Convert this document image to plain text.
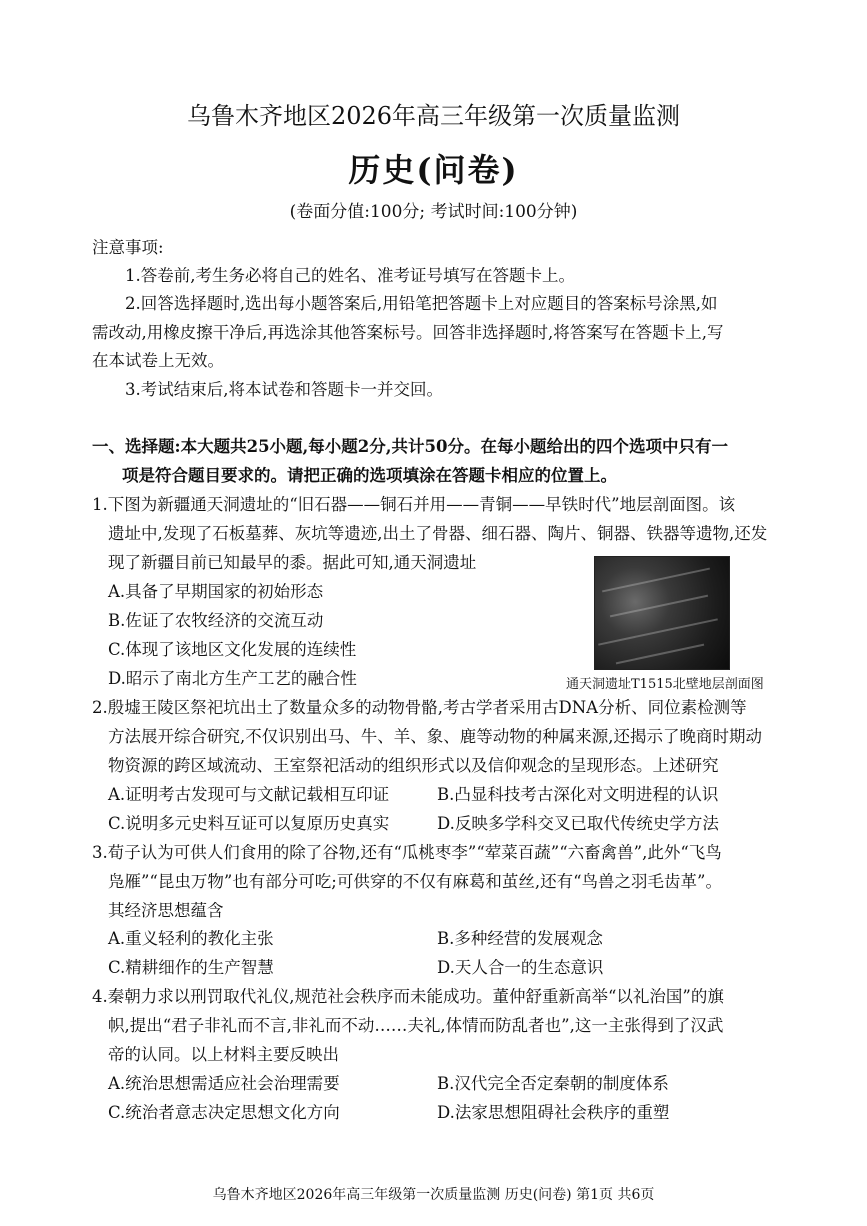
乌鲁木齐地区2026年高三年级第一次质量监测
历史(问卷)
(卷面分值:100分; 考试时间:100分钟)
注意事项:
1.答卷前,考生务必将自己的姓名、准考证号填写在答题卡上。
2.回答选择题时,选出每小题答案后,用铅笔把答题卡上对应题目的答案标号涂黑,如
需改动,用橡皮擦干净后,再选涂其他答案标号。回答非选择题时,将答案写在答题卡上,写
在本试卷上无效。
3.考试结束后,将本试卷和答题卡一并交回。
一、选择题:本大题共25小题,每小题2分,共计50分。在每小题给出的四个选项中只有一
项是符合题目要求的。请把正确的选项填涂在答题卡相应的位置上。
1.下图为新疆通天洞遗址的“旧石器——铜石并用——青铜——早铁时代”地层剖面图。该
遗址中,发现了石板墓葬、灰坑等遗迹,出土了骨器、细石器、陶片、铜器、铁器等遗物,还发
现了新疆目前已知最早的黍。据此可知,通天洞遗址
A.具备了早期国家的初始形态
B.佐证了农牧经济的交流互动
C.体现了该地区文化发展的连续性
D.昭示了南北方生产工艺的融合性	通天洞遗址T1515北壁地层剖面图
2.殷墟王陵区祭祀坑出土了数量众多的动物骨骼,考古学者采用古DNA分析、同位素检测等
方法展开综合研究,不仅识别出马、牛、羊、象、鹿等动物的种属来源,还揭示了晚商时期动
物资源的跨区域流动、王室祭祀活动的组织形式以及信仰观念的呈现形态。上述研究
A.证明考古发现可与文献记载相互印证	B.凸显科技考古深化对文明进程的认识
C.说明多元史料互证可以复原历史真实	D.反映多学科交叉已取代传统史学方法
3.荀子认为可供人们食用的除了谷物,还有“瓜桃枣李”“荤菜百蔬”“六畜禽兽”,此外“飞鸟
凫雁”“昆虫万物”也有部分可吃;可供穿的不仅有麻葛和茧丝,还有“鸟兽之羽毛齿革”。
其经济思想蕴含
A.重义轻利的教化主张	B.多种经营的发展观念
C.精耕细作的生产智慧	D.天人合一的生态意识
4.秦朝力求以刑罚取代礼仪,规范社会秩序而未能成功。董仲舒重新高举“以礼治国”的旗
帜,提出“君子非礼而不言,非礼而不动……夫礼,体情而防乱者也”,这一主张得到了汉武
帝的认同。以上材料主要反映出
A.统治思想需适应社会治理需要	B.汉代完全否定秦朝的制度体系
C.统治者意志决定思想文化方向	D.法家思想阻碍社会秩序的重塑
乌鲁木齐地区2026年高三年级第一次质量监测 历史(问卷) 第1页 共6页
